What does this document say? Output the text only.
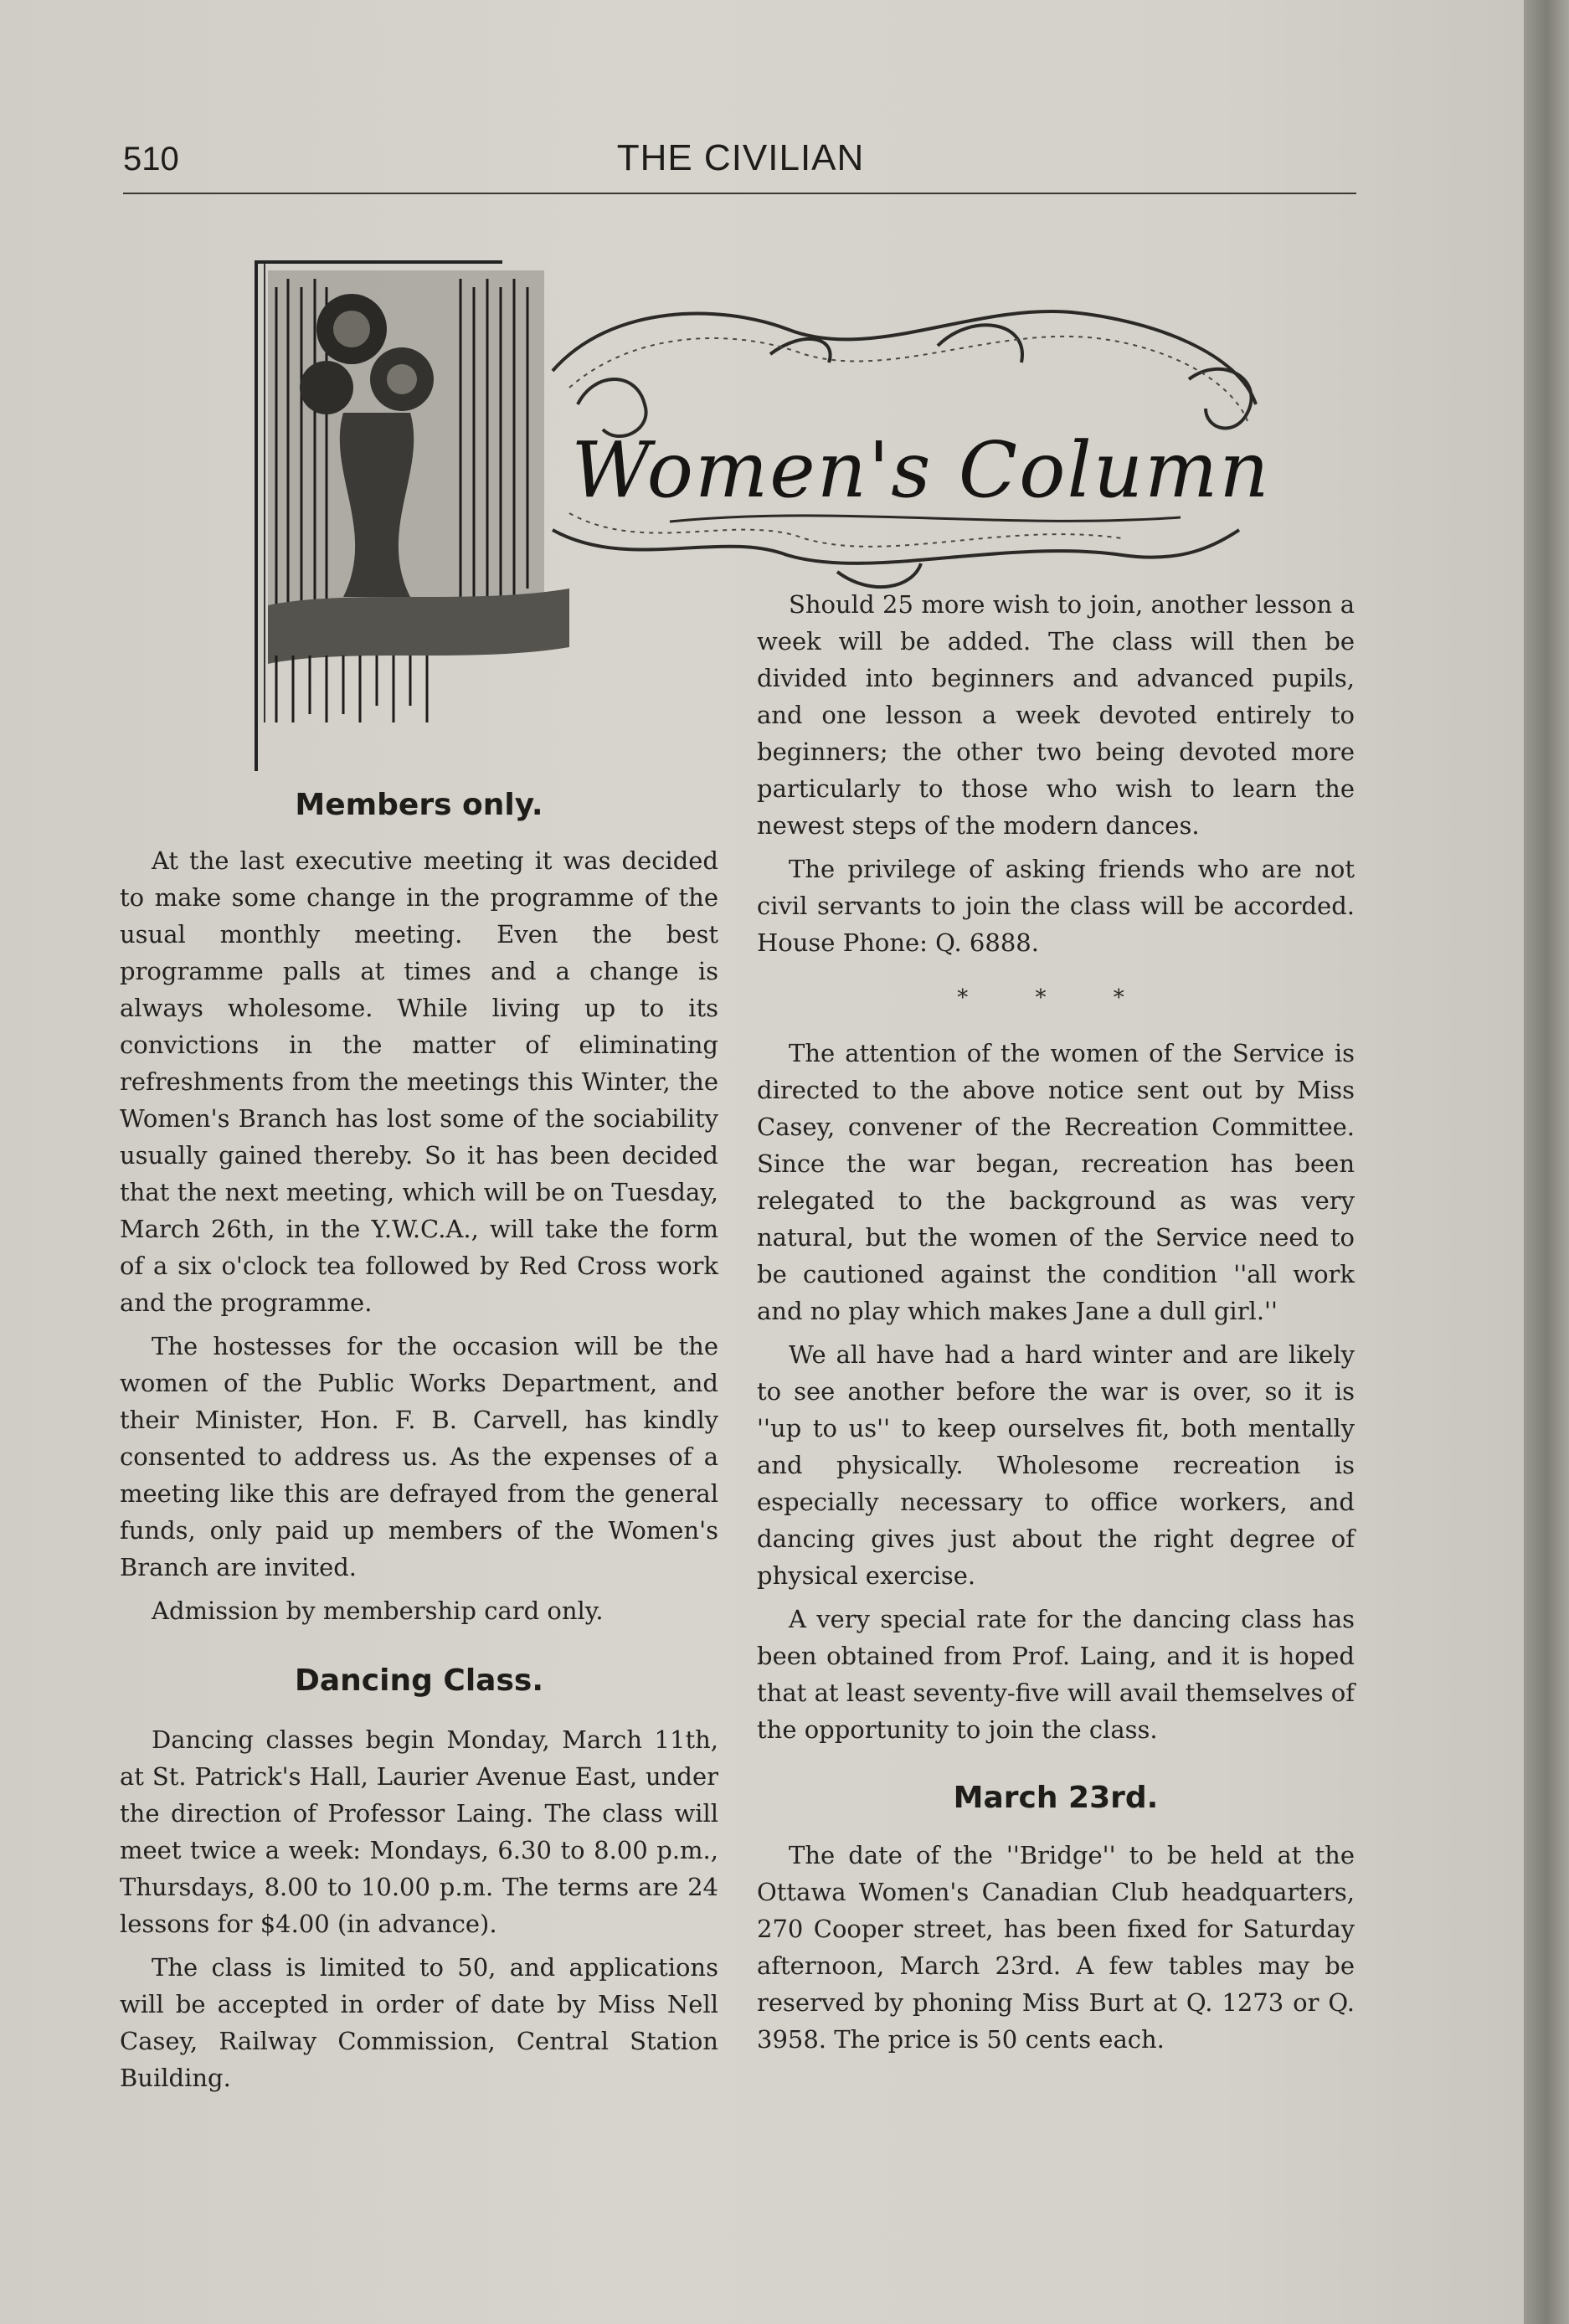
510	THE CIVILIAN
Women's Column
Members only.

At the last executive meeting it was decided to make some change in the programme of the usual monthly meeting. Even the best programme palls at times and a change is always wholesome. While living up to its convictions in the matter of eliminating refreshments from the meetings this Winter, the Women's Branch has lost some of the sociability usually gained thereby. So it has been decided that the next meeting, which will be on Tuesday, March 26th, in the Y.W.C.A., will take the form of a six o'clock tea followed by Red Cross work and the programme.

The hostesses for the occasion will be the women of the Public Works Department, and their Minister, Hon. F. B. Carvell, has kindly consented to address us. As the expenses of a meeting like this are defrayed from the general funds, only paid up members of the Women's Branch are invited.

Admission by membership card only.

Dancing Class.

Dancing classes begin Monday, March 11th, at St. Patrick's Hall, Laurier Avenue East, under the direction of Professor Laing. The class will meet twice a week: Mondays, 6.30 to 8.00 p.m., Thursdays, 8.00 to 10.00 p.m. The terms are 24 lessons for $4.00 (in advance).

The class is limited to 50, and applications will be accepted in order of date by Miss Nell Casey, Railway Commission, Central Station Building.

Should 25 more wish to join, another lesson a week will be added. The class will then be divided into beginners and advanced pupils, and one lesson a week devoted entirely to beginners; the other two being devoted more particularly to those who wish to learn the newest steps of the modern dances.

The privilege of asking friends who are not civil servants to join the class will be accorded. House Phone: Q. 6888.

* * *

The attention of the women of the Service is directed to the above notice sent out by Miss Casey, convener of the Recreation Committee. Since the war began, recreation has been relegated to the background as was very natural, but the women of the Service need to be cautioned against the condition ''all work and no play which makes Jane a dull girl.''

We all have had a hard winter and are likely to see another before the war is over, so it is ''up to us'' to keep ourselves fit, both mentally and physically. Wholesome recreation is especially necessary to office workers, and dancing gives just about the right degree of physical exercise.

A very special rate for the dancing class has been obtained from Prof. Laing, and it is hoped that at least seventy-five will avail themselves of the opportunity to join the class.

March 23rd.

The date of the ''Bridge'' to be held at the Ottawa Women's Canadian Club headquarters, 270 Cooper street, has been fixed for Saturday afternoon, March 23rd. A few tables may be reserved by phoning Miss Burt at Q. 1273 or Q. 3958. The price is 50 cents each.
